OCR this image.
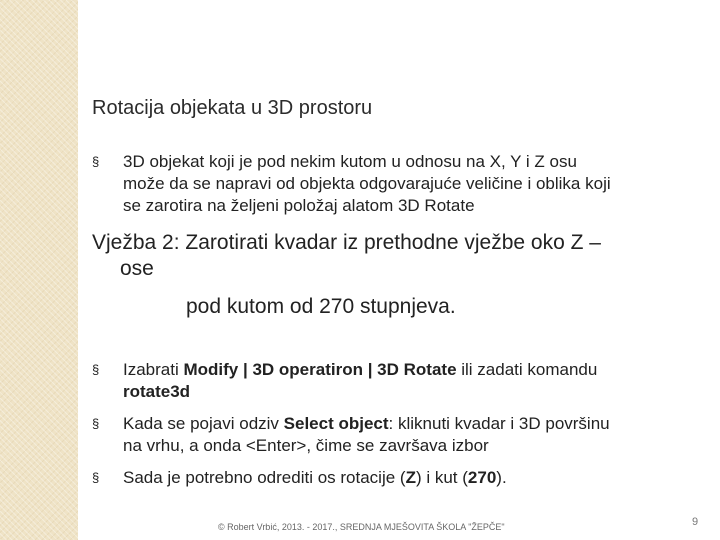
Rotacija objekata u 3D prostoru
§ 3D objekat koji je pod nekim kutom u odnosu na X, Y i Z osu
može da se napravi od objekta odgovarajuće veličine i oblika koji
se zarotira na željeni položaj alatom 3D Rotate
Vježba 2: Zarotirati kvadar iz prethodne vježbe oko Z –
ose
pod kutom od 270 stupnjeva.
§ Izabrati Modify | 3D operatiron | 3D Rotate ili zadati komandu
rotate3d
§ Kada se pojavi odziv Select object: kliknuti kvadar i 3D površinu
na vrhu, a onda <Enter>, čime se završava izbor
§ Sada je potrebno odrediti os rotacije (Z) i kut (270).
© Robert Vrbić, 2013. - 2017., SREDNJA MJEŠOVITA ŠKOLA "ŽEPČE"	9
